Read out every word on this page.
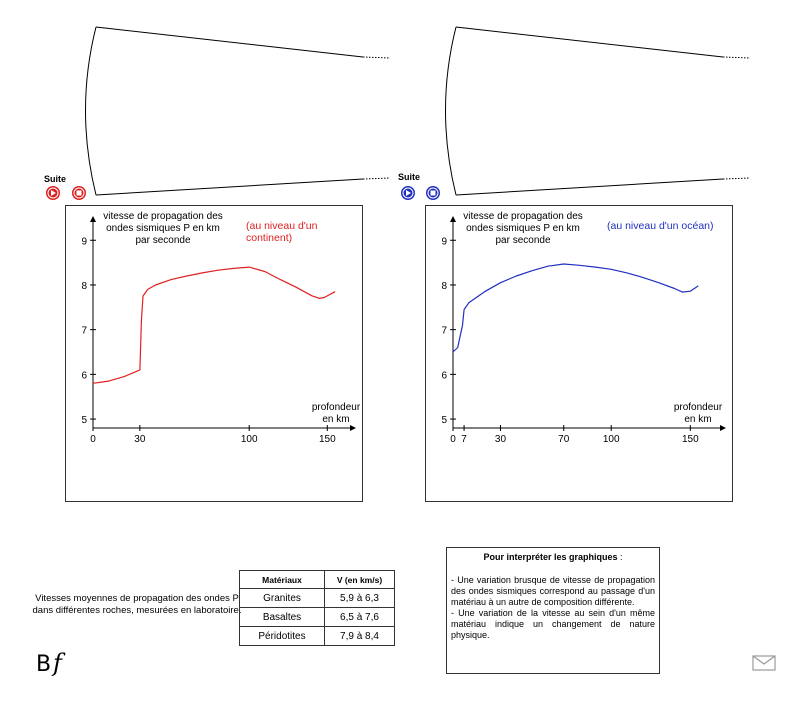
Suite	Suite
5
6
7
8
9
0	30	100	150
vitesse de propagation des ondes sismiques P en km par seconde
(au niveau d'un continent)
profondeur en km	5
6
7
8
9
0 7	30	70	100	150
vitesse de propagation des ondes sismiques P en km par seconde
(au niveau d'un océan)
profondeur en km
Vitesses moyennes de propagation des ondes P dans différentes roches, mesurées en laboratoire.
Matériaux	V (en km/s)
Granites	5,9 à 6,3
Basaltes	6,5 à 7,6
Péridotites	7,9 à 8,4
Pour interpréter les graphiques :

- Une variation brusque de vitesse de propagation des ondes sismiques correspond au passage d'un matériau à un autre de composition différente.

- Une variation de la vitesse au sein d'un même matériau indique un changement de nature physique.

B f
